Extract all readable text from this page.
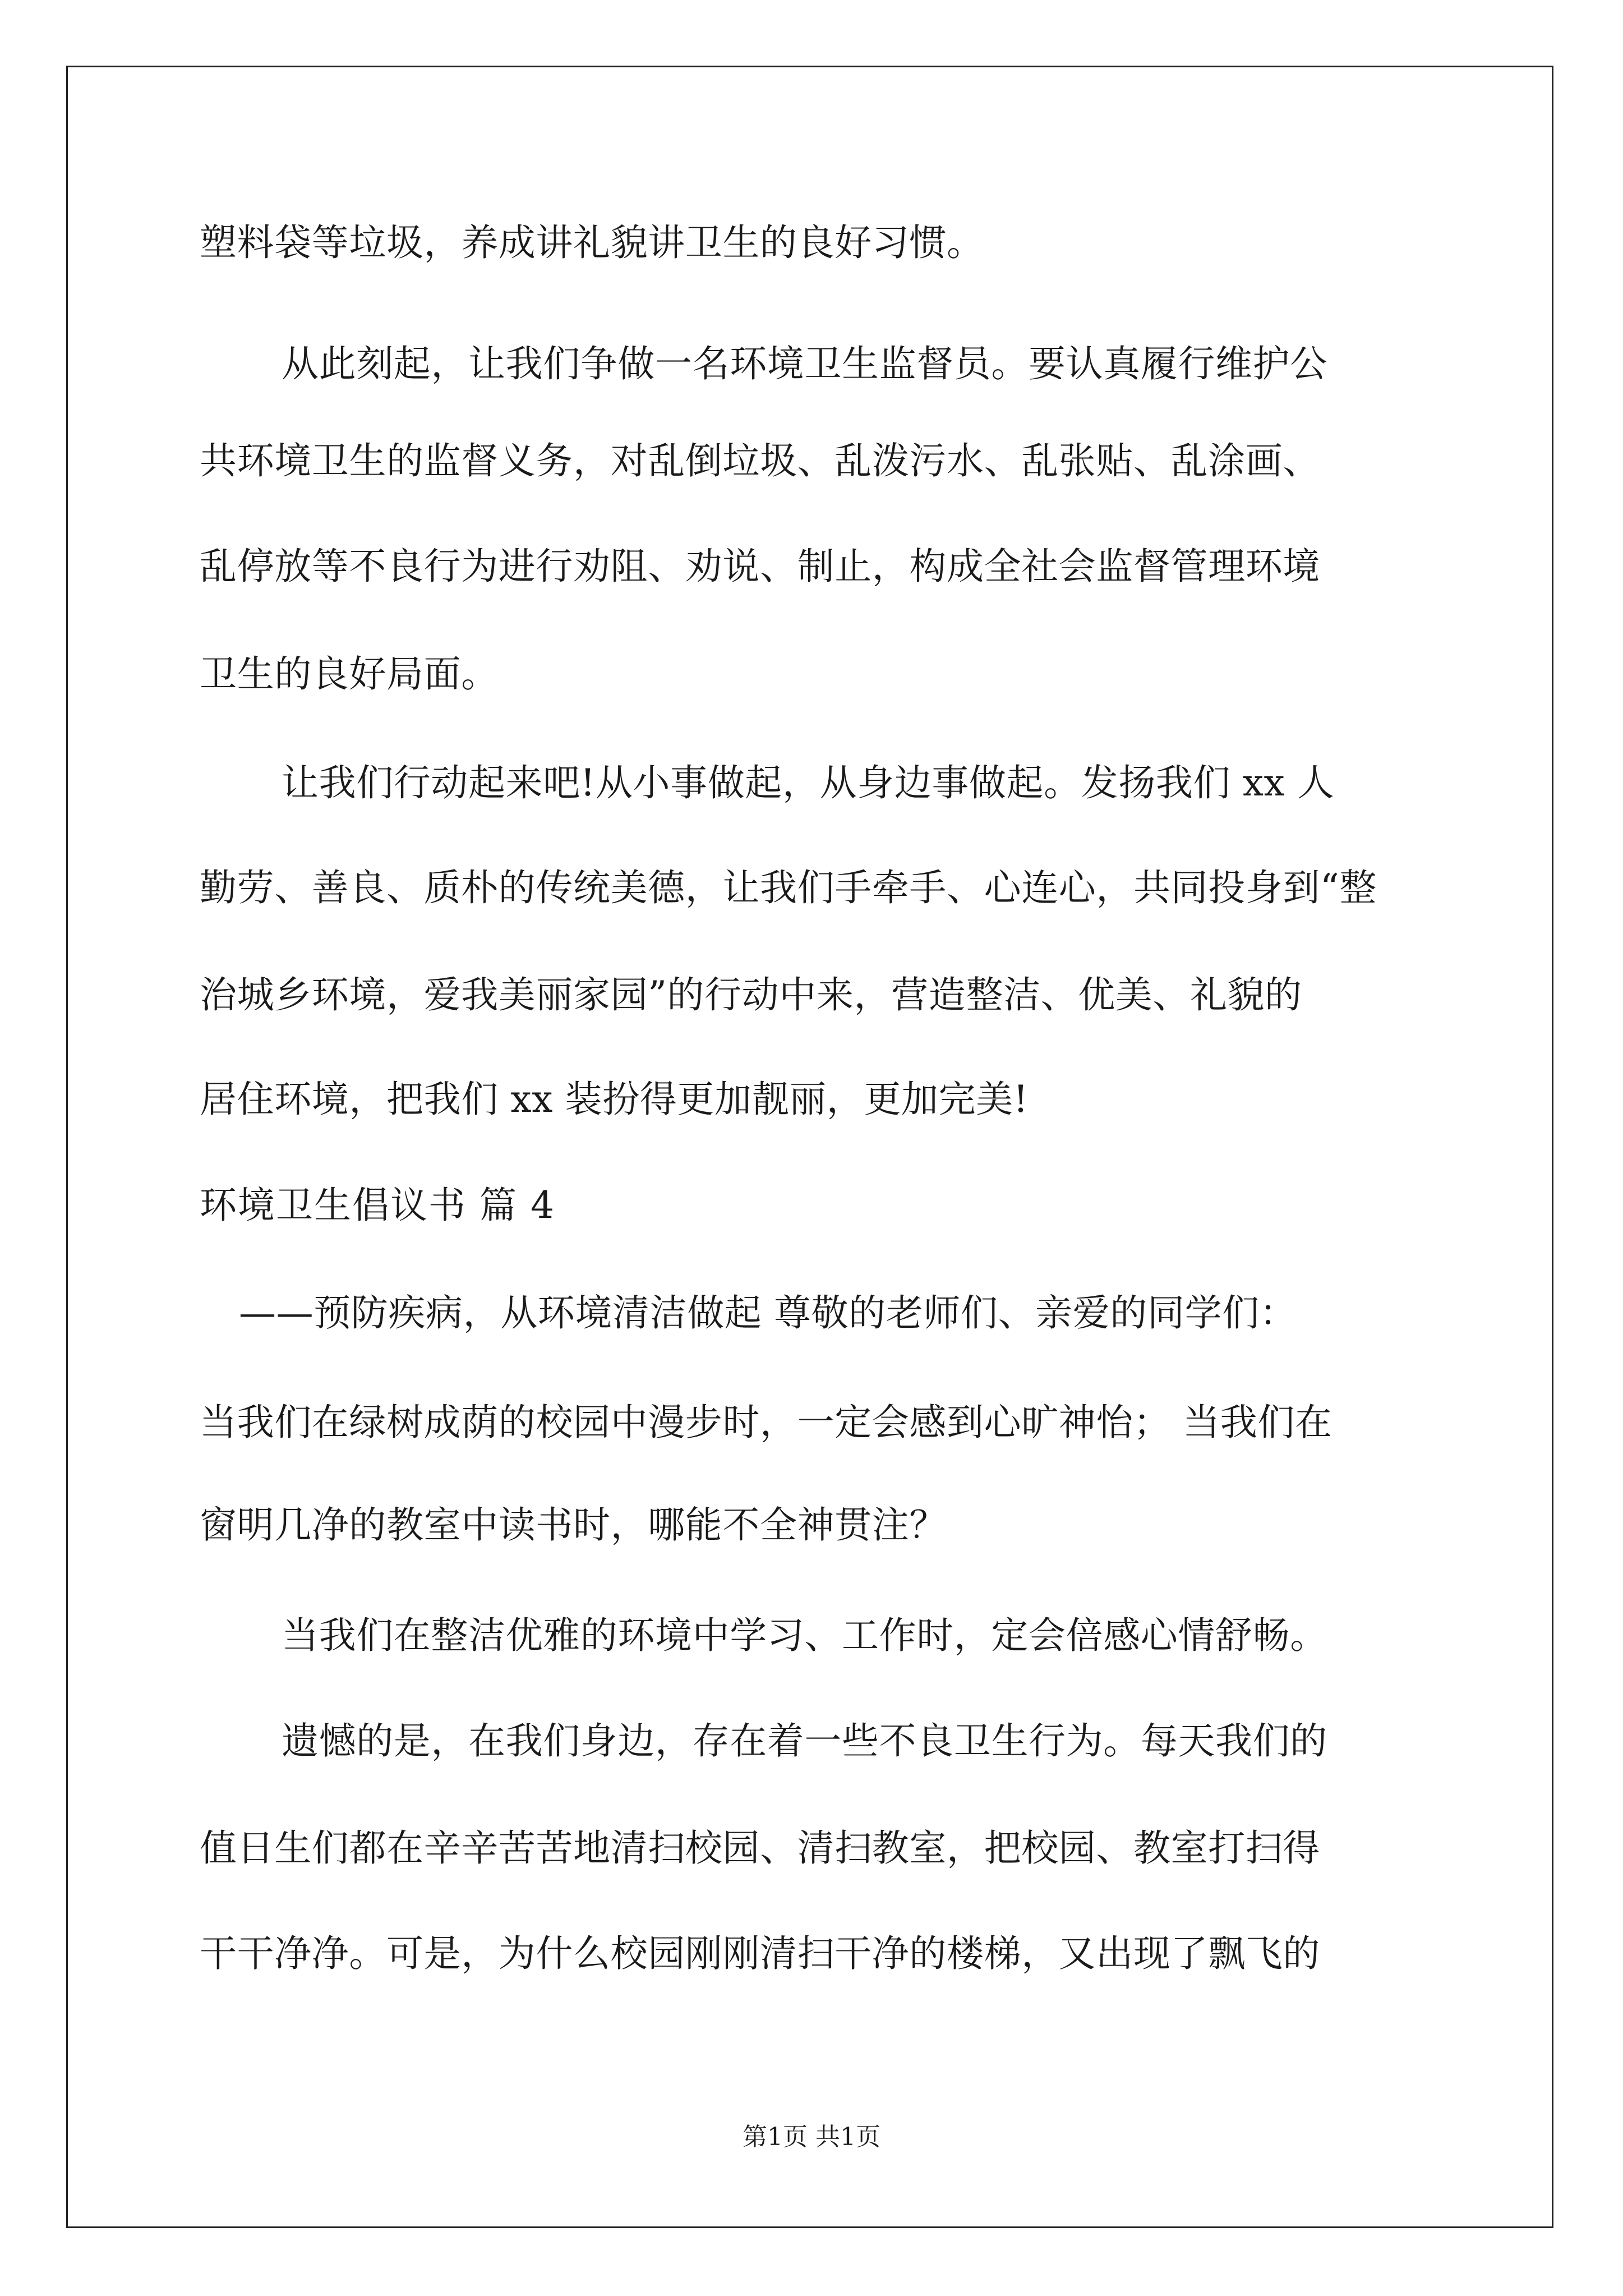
塑料袋等垃圾，养成讲礼貌讲卫生的良好习惯。
从此刻起，让我们争做一名环境卫生监督员。要认真履行维护公
共环境卫生的监督义务，对乱倒垃圾、乱泼污水、乱张贴、乱涂画、
乱停放等不良行为进行劝阻、劝说、制止，构成全社会监督管理环境
卫生的良好局面。
让我们行动起来吧!从小事做起，从身边事做起。发扬我们 xx 人
勤劳、善良、质朴的传统美德，让我们手牵手、心连心，共同投身到“整
治城乡环境，爱我美丽家园”的行动中来，营造整洁、优美、礼貌的
居住环境，把我们 xx 装扮得更加靓丽，更加完美!
环境卫生倡议书 篇 4
——预防疾病，从环境清洁做起 尊敬的老师们、亲爱的同学们：
当我们在绿树成荫的校园中漫步时，一定会感到心旷神怡； 当我们在
窗明几净的教室中读书时，哪能不全神贯注？
当我们在整洁优雅的环境中学习、工作时，定会倍感心情舒畅。
遗憾的是，在我们身边，存在着一些不良卫生行为。每天我们的
值日生们都在辛辛苦苦地清扫校园、清扫教室，把校园、教室打扫得
干干净净。可是，为什么校园刚刚清扫干净的楼梯，又出现了飘飞的
第1页 共1页
